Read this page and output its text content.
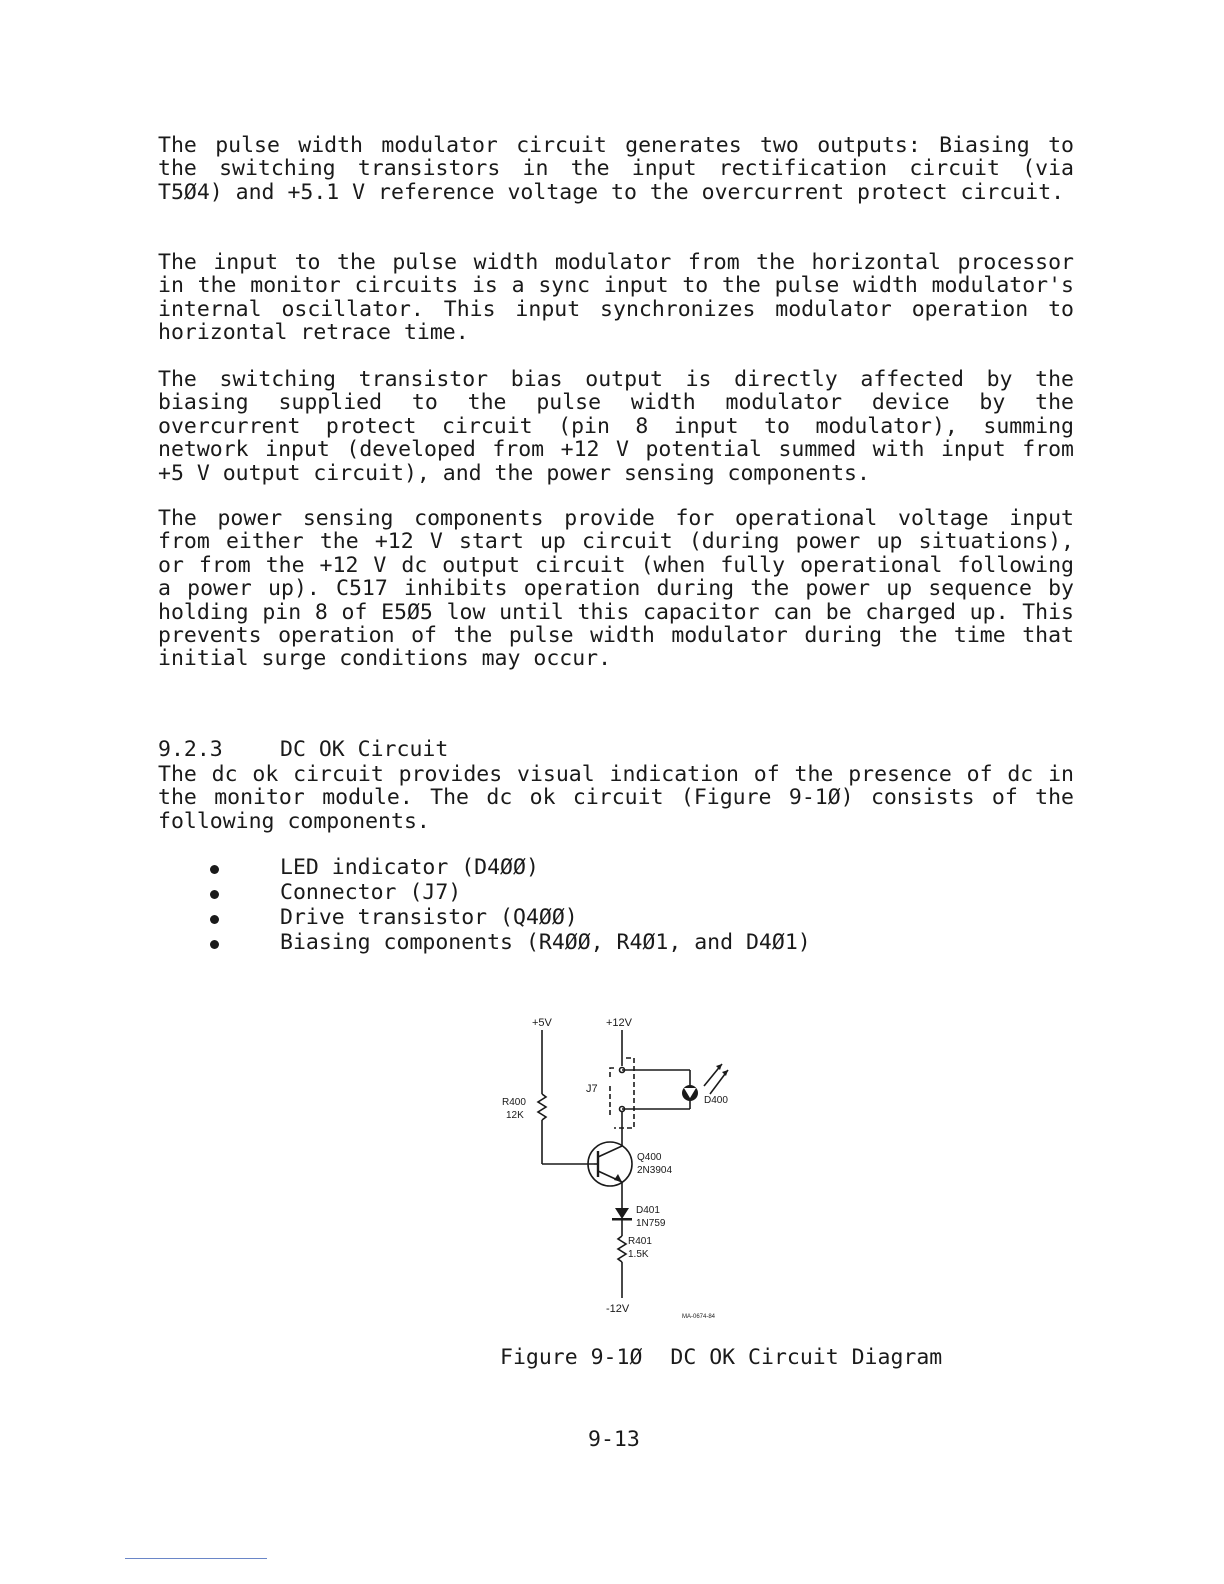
The pulse width modulator circuit generates two outputs: Biasing to the switching transistors in the input rectification circuit (via T5Ø4) and +5.1 V reference voltage to the overcurrent protect circuit.
The input to the pulse width modulator from the horizontal processor in the monitor circuits is a sync input to the pulse width modulator's internal oscillator. This input synchronizes modulator operation to horizontal retrace time.
The switching transistor bias output is directly affected by the biasing supplied to the pulse width modulator device by the overcurrent protect circuit (pin 8 input to modulator), summing network input (developed from +12 V potential summed with input from +5 V output circuit), and the power sensing components.
The power sensing components provide for operational voltage input from either the +12 V start up circuit (during power up situations), or from the +12 V dc output circuit (when fully operational following a power up). C517 inhibits operation during the power up sequence by holding pin 8 of E5Ø5 low until this capacitor can be charged up. This prevents operation of the pulse width modulator during the time that initial surge conditions may occur.
9.2.3	DC OK Circuit
The dc ok circuit provides visual indication of the presence of dc in the monitor module. The dc ok circuit (Figure 9-1Ø) consists of the following components.
LED indicator (D4ØØ)
Connector (J7)
Drive transistor (Q4ØØ)
Biasing components (R4ØØ, R4Ø1, and D4Ø1)
+5V	+12V
J7
R400
12K
D400
Q400
2N3904
D401
1N759
R401
1.5K
-12V
MA-0674-84
Figure 9-1Ø DC OK Circuit Diagram
9-13
